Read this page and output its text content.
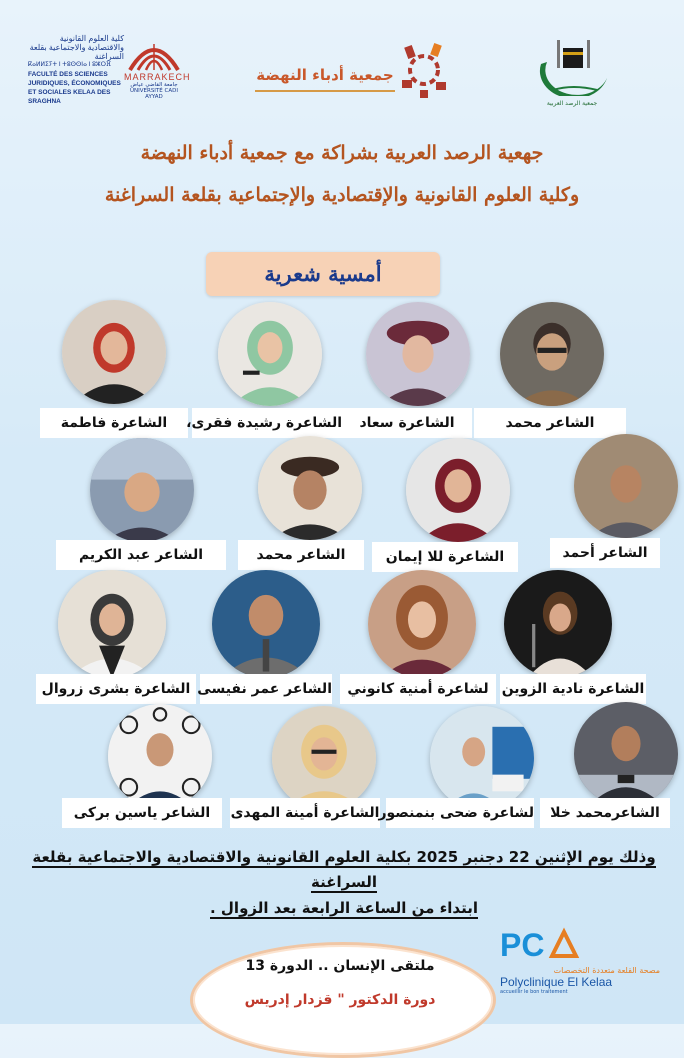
كلية العلوم القانونية والاقتصادية والاجتماعية بقلعة السراغنة
ⴽⴰⵍⵍⵉⵢⵜ ⵏ ⵜⵓⵙⵙⵏⴰ ⵏ ⵓⵣⵔⴼ
FACULTÉ DES SCIENCES JURIDIQUES, ÉCONOMIQUES ET SOCIALES KELAA DES SRAGHNA
MARRAKECH
جامعة القاضي عياض UNIVERSITÉ CADI AYYAD
جمعية أدباء النهضة
جمعية الرصد العربية
جهعية الرصد العربية بشراكة مع جمعية أدباء النهضة
وكلية العلوم القانونية والإقتصادية والإجتماعية بقلعة السراغنة
أمسية شعرية
الشاعرة فاطمة	الشاعرة رشيدة فقرى،	الشاعرة سعاد	الشاعر محمد
الشاعر عبد الكريم	الشاعر محمد	الشاعرة للا إيمان	الشاعر أحمد
الشاعرة بشرى زروال الشاعر عمر نفيسى	لشاعرة أمنية كانوني الشاعرة نادية الزوين
الشاعر ياسين بركى	الشاعرة أمينة المهدى لشاعرة ضحى بنمنصور	الشاعرمحمد خلا
وذلك يوم الإثنين 22 دجنبر 2025 بكلية العلوم القانونية والاقتصادية والاجتماعية بقلعة
السراغنة
ابتداء من الساعة الرابعة بعد الزوال .
ملتقى الإنسان .. الدورة 13
دورة الدكتور " قزدار إدريس
PC
مصحة القلعة متعددة التخصصات
Polyclinique El Kelaa
accueillir le bon traitement
